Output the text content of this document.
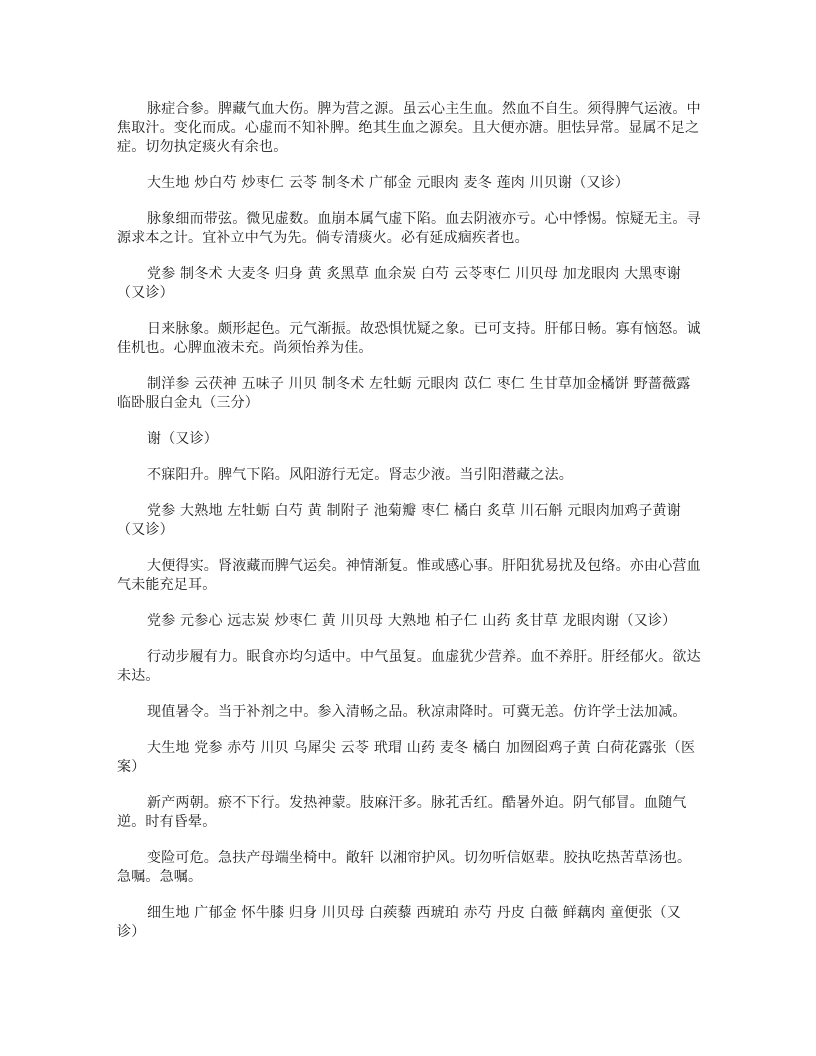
脉症合参。脾藏气血大伤。脾为营之源。虽云心主生血。然血不自生。须得脾气运液。中焦取汁。变化而成。心虚而不知补脾。绝其生血之源矣。且大便亦溏。胆怯异常。显属不足之症。切勿执定痰火有余也。

大生地 炒白芍 炒枣仁 云苓 制冬术 广郁金 元眼肉 麦冬 莲肉 川贝谢（又诊）

脉象细而带弦。微见虚数。血崩本属气虚下陷。血去阴液亦亏。心中悸惕。惊疑无主。寻源求本之计。宜补立中气为先。倘专清痰火。必有延成痼疾者也。

党参 制冬术 大麦冬 归身 黄 炙黑草 血余炭 白芍 云苓枣仁 川贝母 加龙眼肉 大黑枣谢（又诊）

日来脉象。颇形起色。元气渐振。故恐惧忧疑之象。已可支持。肝郁日畅。寡有恼怒。诚佳机也。心脾血液未充。尚须怡养为佳。

制洋参 云茯神 五味子 川贝 制冬术 左牡蛎 元眼肉 苡仁 枣仁 生甘草加金橘饼 野蔷薇露 临卧服白金丸（三分）

谢（又诊）

不寐阳升。脾气下陷。风阳游行无定。肾志少液。当引阳潜藏之法。

党参 大熟地 左牡蛎 白芍 黄 制附子 池菊瓣 枣仁 橘白 炙草 川石斛 元眼肉加鸡子黄谢（又诊）

大便得实。肾液藏而脾气运矣。神情渐复。惟或感心事。肝阳犹易扰及包络。亦由心营血气未能充足耳。

党参 元参心 远志炭 炒枣仁 黄 川贝母 大熟地 柏子仁 山药 炙甘草 龙眼肉谢（又诊）

行动步履有力。眠食亦均匀适中。中气虽复。血虚犹少营养。血不养肝。肝经郁火。欲达未达。

现值暑令。当于补剂之中。参入清畅之品。秋凉肃降时。可冀无恙。仿许学士法加减。

大生地 党参 赤芍 川贝 乌犀尖 云苓 玳瑁 山药 麦冬 橘白 加囫囵鸡子黄 白荷花露张（医案）

新产两朝。瘀不下行。发热神蒙。肢麻汗多。脉芤舌红。酷暑外迫。阴气郁冒。血随气逆。时有昏晕。

变险可危。急扶产母端坐椅中。敞轩 以湘帘护风。切勿听信妪辈。胶执吃热苦草汤也。急嘱。急嘱。

细生地 广郁金 怀牛膝 归身 川贝母 白蒺藜 西琥珀 赤芍 丹皮 白薇 鲜藕肉 童便张（又诊）
